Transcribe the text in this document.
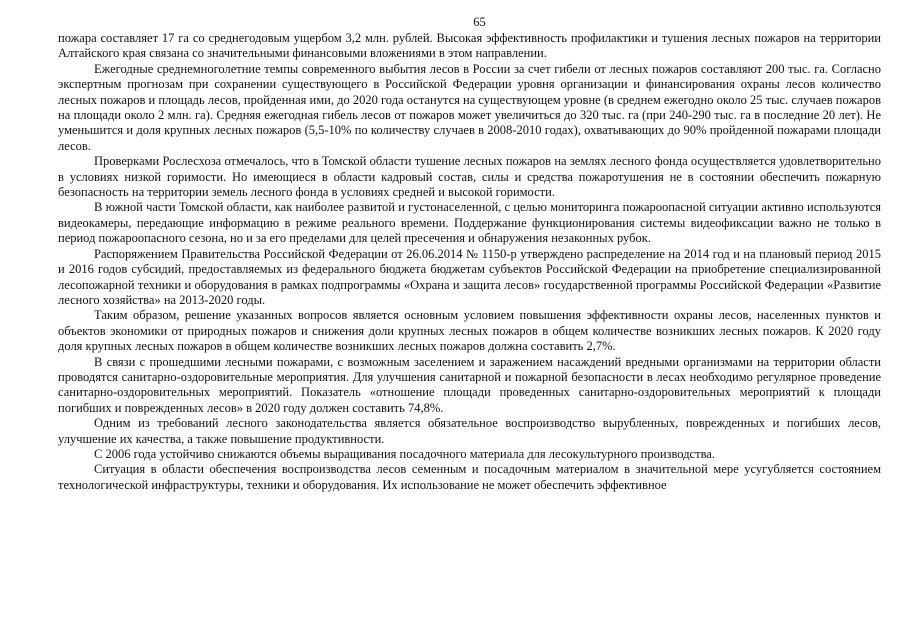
65

пожара составляет 17 га со среднегодовым ущербом 3,2 млн. рублей. Высокая эффективность профилактики и тушения лесных пожаров на территории Алтайского края связана со значительными финансовыми вложениями в этом направлении.

Ежегодные среднемноголетние темпы современного выбытия лесов в России за счет гибели от лесных пожаров составляют 200 тыс. га. Согласно экспертным прогнозам при сохранении существующего в Российской Федерации уровня организации и финансирования охраны лесов количество лесных пожаров и площадь лесов, пройденная ими, до 2020 года останутся на существующем уровне (в среднем ежегодно около 25 тыс. случаев пожаров на площади около 2 млн. га). Средняя ежегодная гибель лесов от пожаров может увеличиться до 320 тыс. га (при 240-290 тыс. га в последние 20 лет). Не уменьшится и доля крупных лесных пожаров (5,5-10% по количеству случаев в 2008-2010 годах), охватывающих до 90% пройденной пожарами площади лесов.

Проверками Рослесхоза отмечалось, что в Томской области тушение лесных пожаров на землях лесного фонда осуществляется удовлетворительно в условиях низкой горимости. Но имеющиеся в области кадровый состав, силы и средства пожаротушения не в состоянии обеспечить пожарную безопасность на территории земель лесного фонда в условиях средней и высокой горимости.

В южной части Томской области, как наиболее развитой и густонаселенной, с целью мониторинга пожароопасной ситуации активно используются видеокамеры, передающие информацию в режиме реального времени. Поддержание функционирования системы видеофиксации важно не только в период пожароопасного сезона, но и за его пределами для целей пресечения и обнаружения незаконных рубок.

Распоряжением Правительства Российской Федерации от 26.06.2014 № 1150-р утверждено распределение на 2014 год и на плановый период 2015 и 2016 годов субсидий, предоставляемых из федерального бюджета бюджетам субъектов Российской Федерации на приобретение специализированной лесопожарной техники и оборудования в рамках подпрограммы «Охрана и защита лесов» государственной программы Российской Федерации «Развитие лесного хозяйства» на 2013-2020 годы.

Таким образом, решение указанных вопросов является основным условием повышения эффективности охраны лесов, населенных пунктов и объектов экономики от природных пожаров и снижения доли крупных лесных пожаров в общем количестве возникших лесных пожаров. К 2020 году доля крупных лесных пожаров в общем количестве возникших лесных пожаров должна составить 2,7%.

В связи с прошедшими лесными пожарами, с возможным заселением и заражением насаждений вредными организмами на территории области проводятся санитарно-оздоровительные мероприятия. Для улучшения санитарной и пожарной безопасности в лесах необходимо регулярное проведение санитарно-оздоровительных мероприятий. Показатель «отношение площади проведенных санитарно-оздоровительных мероприятий к площади погибших и поврежденных лесов» в 2020 году должен составить 74,8%.

Одним из требований лесного законодательства является обязательное воспроизводство вырубленных, поврежденных и погибших лесов, улучшение их качества, а также повышение продуктивности.

С 2006 года устойчиво снижаются объемы выращивания посадочного материала для лесокультурного производства.

Ситуация в области обеспечения воспроизводства лесов семенным и посадочным материалом в значительной мере усугубляется состоянием технологической инфраструктуры, техники и оборудования. Их использование не может обеспечить эффективное
